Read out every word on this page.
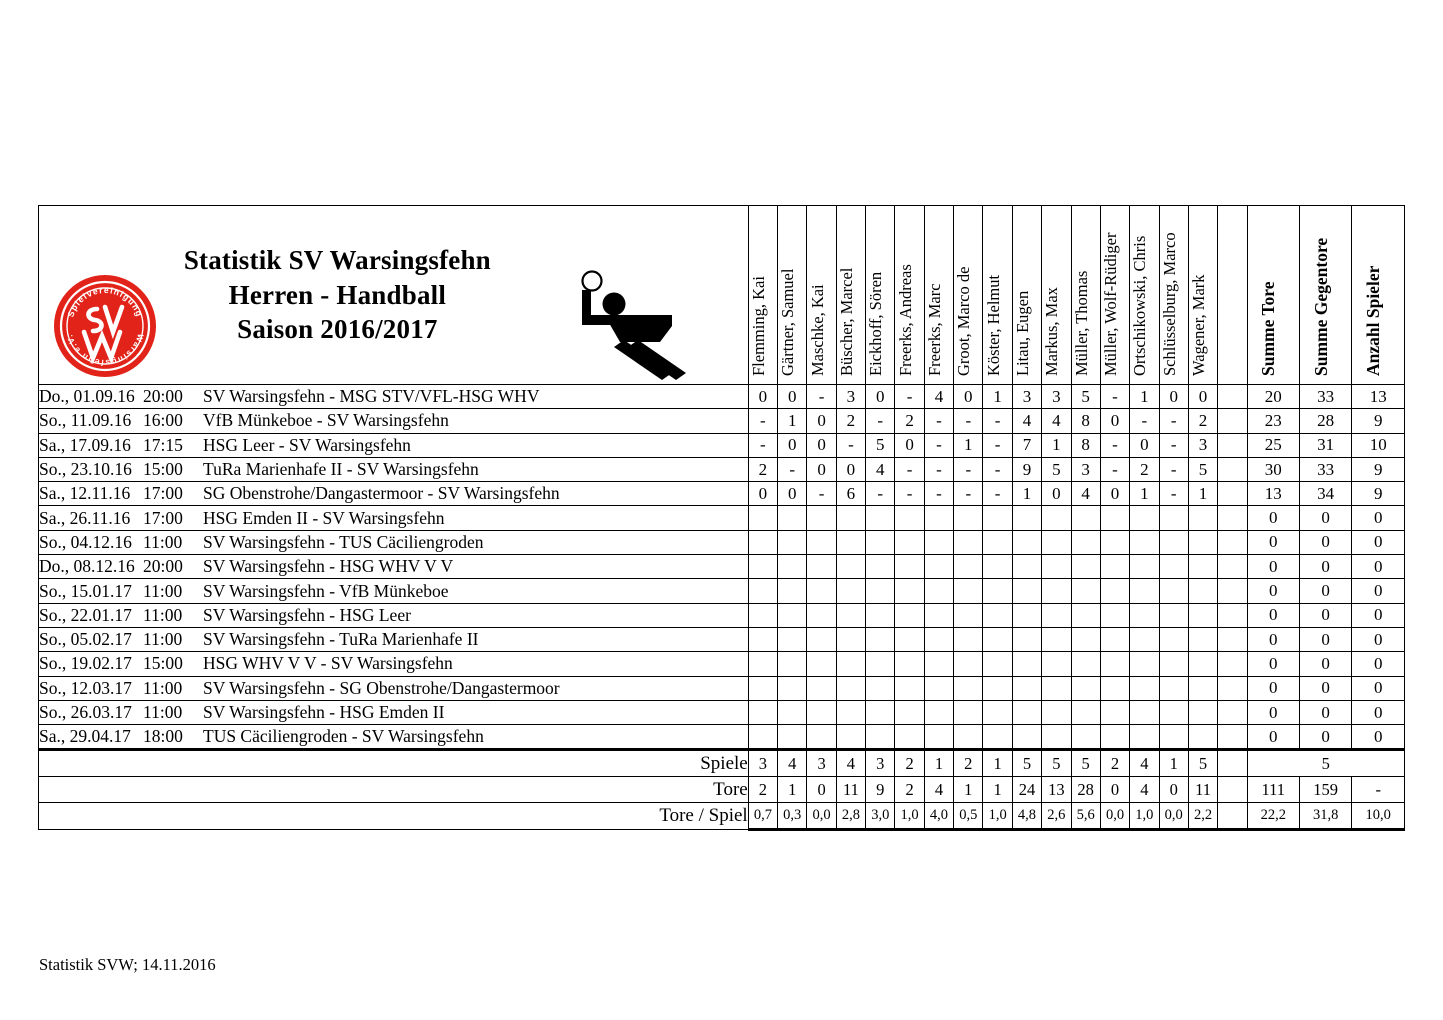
Spielvereinigung
Warsingsfehn e.V.
Statistik SV Warsingsfehn
Herren - Handball
Saison 2016/2017	Flemming, Kai	Gärtner, Samuel	Maschke, Kai	Büscher, Marcel	Eickhoff, Sören	Freerks, Andreas	Freerks, Marc	Groot, Marco de	Köster, Helmut	Litau, Eugen	Markus, Max	Müller, Thomas	Müller, Wolf-Rüdiger	Ortschikowski, Chris	Schlüsselburg, Marco	Wagener, Mark		Summe Tore	Summe Gegentore	Anzahl Spieler

Do., 01.09.16 20:00 SV Warsingsfehn - MSG STV/VFL-HSG WHV	0	0	-	3	0	-	4	0	1	3	3	5	-	1	0	0		20	33	13
So., 11.09.16 16:00 VfB Münkeboe - SV Warsingsfehn	-	1	0	2	-	2	-	-	-	4	4	8	0	-	-	2		23	28	9
Sa., 17.09.16 17:15 HSG Leer - SV Warsingsfehn	-	0	0	-	5	0	-	1	-	7	1	8	-	0	-	3		25	31	10
So., 23.10.16 15:00 TuRa Marienhafe II - SV Warsingsfehn	2	-	0	0	4	-	-	-	-	9	5	3	-	2	-	5		30	33	9
Sa., 12.11.16 17:00 SG Obenstrohe/Dangastermoor - SV Warsingsfehn	0	0	-	6	-	-	-	-	-	1	0	4	0	1	-	1		13	34	9
Sa., 26.11.16 17:00 HSG Emden II - SV Warsingsfehn																		0	0	0
So., 04.12.16 11:00 SV Warsingsfehn - TUS Cäciliengroden																		0	0	0
Do., 08.12.16 20:00 SV Warsingsfehn - HSG WHV V V																		0	0	0
So., 15.01.17 11:00 SV Warsingsfehn - VfB Münkeboe																		0	0	0
So., 22.01.17 11:00 SV Warsingsfehn - HSG Leer																		0	0	0
So., 05.02.17 11:00 SV Warsingsfehn - TuRa Marienhafe II																		0	0	0
So., 19.02.17 15:00 HSG WHV V V - SV Warsingsfehn																		0	0	0
So., 12.03.17 11:00 SV Warsingsfehn - SG Obenstrohe/Dangastermoor																		0	0	0
So., 26.03.17 11:00 SV Warsingsfehn - HSG Emden II																		0	0	0
Sa., 29.04.17 18:00 TUS Cäciliengroden - SV Warsingsfehn																		0	0	0
Spiele	3	4	3	4	3	2	1	2	1	5	5	5	2	4	1	5		5		
Tore	2	1	0	11	9	2	4	1	1	24	13	28	0	4	0	11		111	159	-
Tore / Spiel	0,7	0,3	0,0	2,8	3,0	1,0	4,0	0,5	1,0	4,8	2,6	5,6	0,0	1,0	0,0	2,2		22,2	31,8	10,0
Statistik SVW; 14.11.2016
